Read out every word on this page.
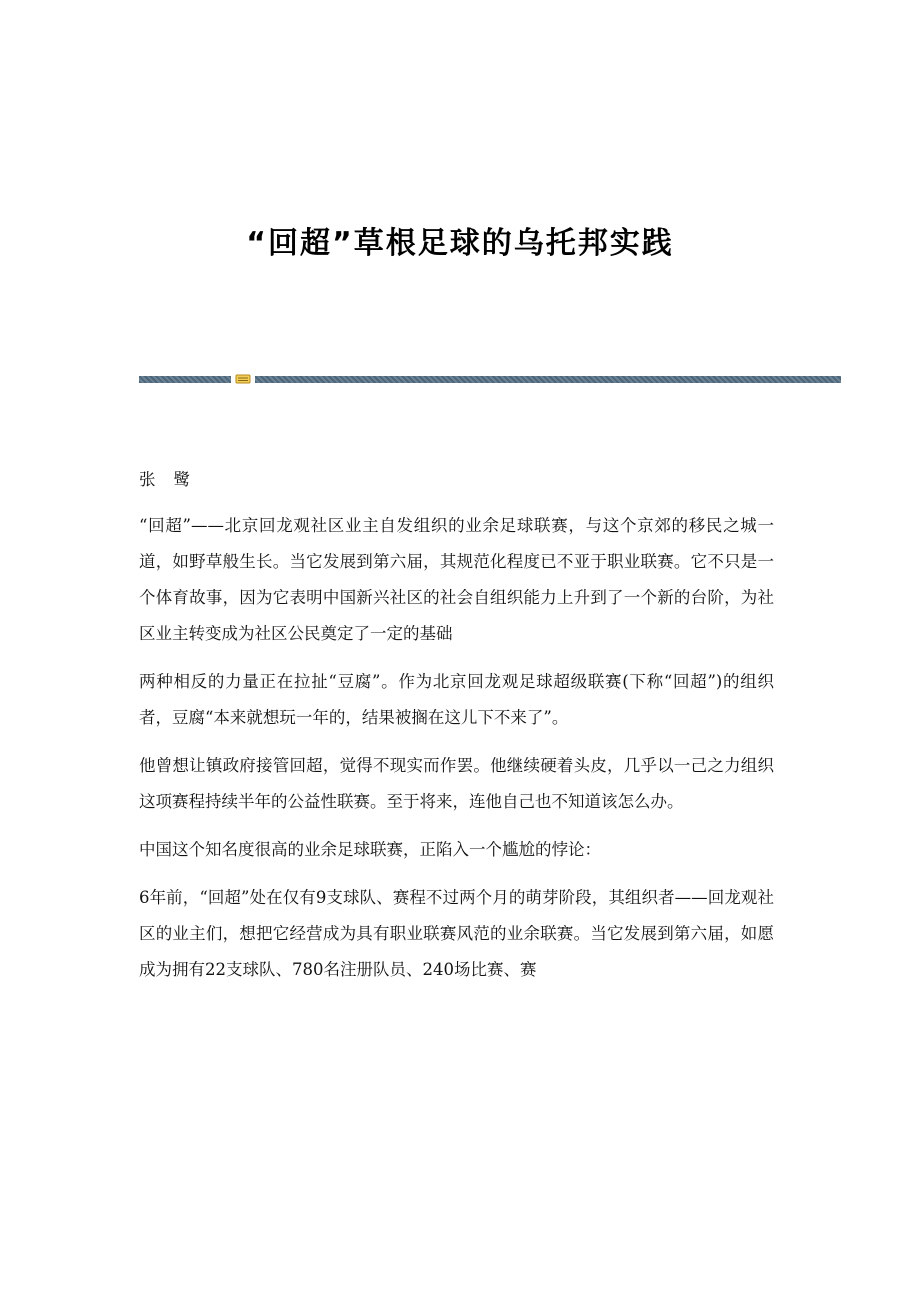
“回超”草根足球的乌托邦实践

张鹭

“回超”——北京回龙观社区业主自发组织的业余足球联赛，与这个京郊的移民之城一道，如野草般生长。当它发展到第六届，其规范化程度已不亚于职业联赛。它不只是一个体育故事，因为它表明中国新兴社区的社会自组织能力上升到了一个新的台阶，为社区业主转变成为社区公民奠定了一定的基础

两种相反的力量正在拉扯“豆腐”。作为北京回龙观足球超级联赛(下称“回超”)的组织者，豆腐“本来就想玩一年的，结果被搁在这儿下不来了”。

他曾想让镇政府接管回超，觉得不现实而作罢。他继续硬着头皮，几乎以一己之力组织这项赛程持续半年的公益性联赛。至于将来，连他自己也不知道该怎么办。

中国这个知名度很高的业余足球联赛，正陷入一个尴尬的悖论：

6年前，“回超”处在仅有9支球队、赛程不过两个月的萌芽阶段，其组织者——回龙观社区的业主们，想把它经营成为具有职业联赛风范的业余联赛。当它发展到第六届，如愿成为拥有22支球队、780名注册队员、240场比赛、赛
